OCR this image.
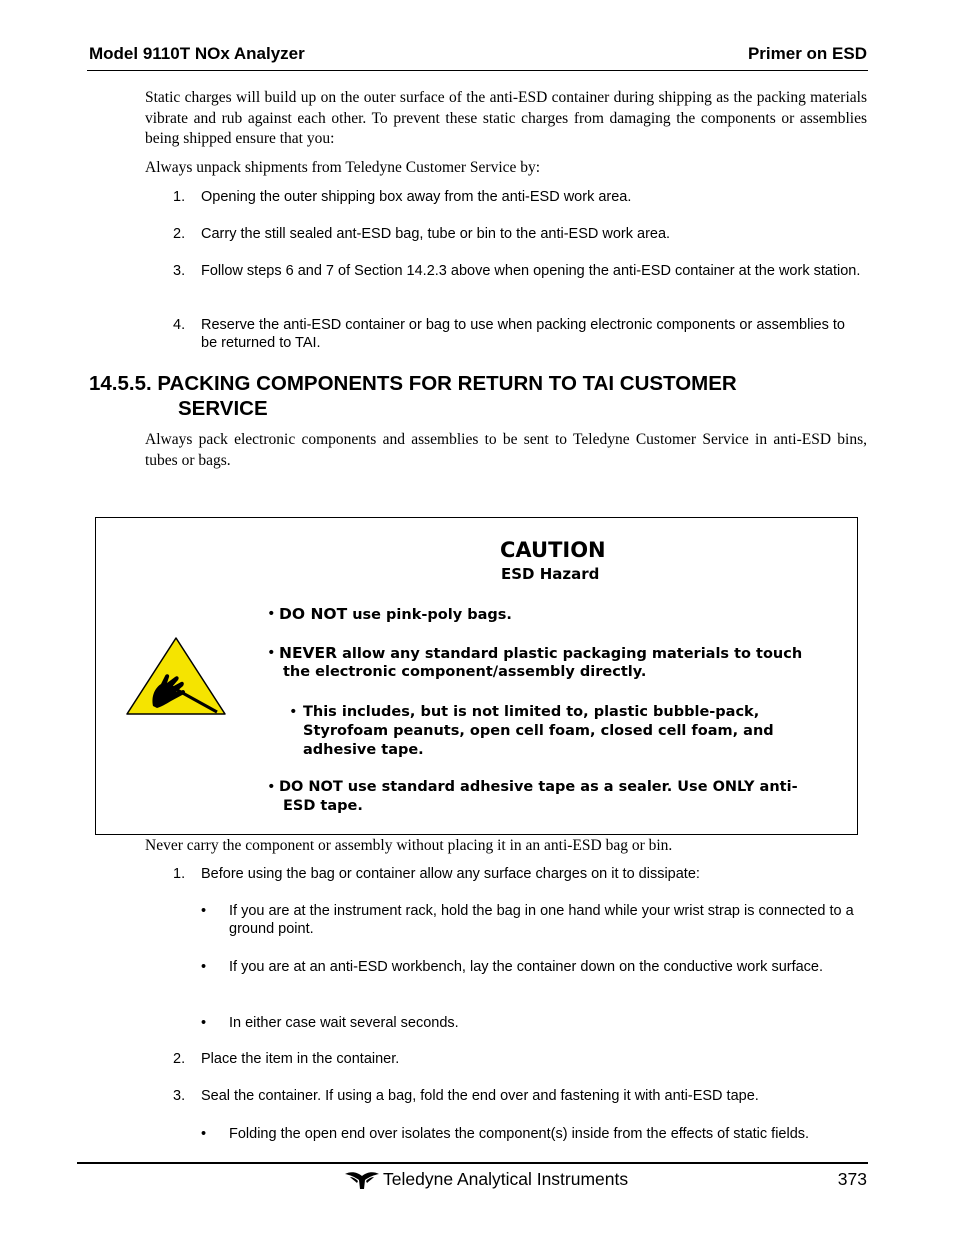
Model 9110T NOx Analyzer	Primer on ESD
Static charges will build up on the outer surface of the anti-ESD container during shipping as the packing materials vibrate and rub against each other. To prevent these static charges from damaging the components or assemblies being shipped ensure that you:
Always unpack shipments from Teledyne Customer Service by:
1.	Opening the outer shipping box away from the anti-ESD work area.
2.	Carry the still sealed ant-ESD bag, tube or bin to the anti-ESD work area.
3.	Follow steps 6 and 7 of Section 14.2.3 above when opening the anti-ESD container at the work station.
4.	Reserve the anti-ESD container or bag to use when packing electronic components or assemblies to be returned to TAI.
14.5.5. PACKING COMPONENTS FOR RETURN TO TAI CUSTOMER
SERVICE
Always pack electronic components and assemblies to be sent to Teledyne Customer Service in anti-ESD bins, tubes or bags.
CAUTION
ESD Hazard
• DO NOT use pink-poly bags.
• NEVER allow any standard plastic packaging materials to touch
the electronic component/assembly directly.
• This includes, but is not limited to, plastic bubble-pack,
Styrofoam peanuts, open cell foam, closed cell foam, and
adhesive tape.
• DO NOT use standard adhesive tape as a sealer. Use ONLY anti-
ESD tape.
Never carry the component or assembly without placing it in an anti-ESD bag or bin.
1.	Before using the bag or container allow any surface charges on it to dissipate:
• If you are at the instrument rack, hold the bag in one hand while your wrist strap is connected to a ground point.
• If you are at an anti-ESD workbench, lay the container down on the conductive work surface.
• In either case wait several seconds.
2.	Place the item in the container.
3.	Seal the container. If using a bag, fold the end over and fastening it with anti-ESD tape.
• Folding the open end over isolates the component(s) inside from the effects of static fields.
Teledyne Analytical Instruments	373
